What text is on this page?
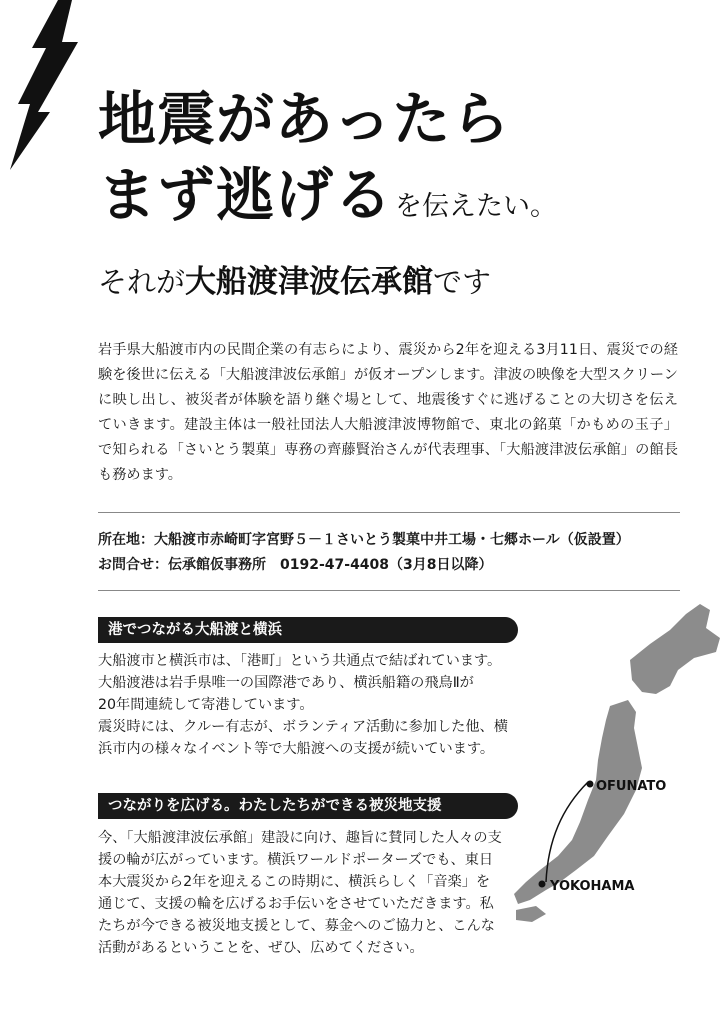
地震があったら
まず逃げるを伝えたい。

それが大船渡津波伝承館です

岩手県大船渡市内の民間企業の有志らにより、震災から2年を迎える3月11日、震災での経験を後世に伝える「大船渡津波伝承館」が仮オープンします。津波の映像を大型スクリーンに映し出し、被災者が体験を語り継ぐ場として、地震後すぐに逃げることの大切さを伝えていきます。建設主体は一般社団法人大船渡津波博物館で、東北の銘菓「かもめの玉子」で知られる「さいとう製菓」専務の齊藤賢治さんが代表理事、「大船渡津波伝承館」の館長も務めます。

所在地：大船渡市赤崎町字宮野５－１さいとう製菓中井工場・七郷ホール（仮設置）
お問合せ：伝承館仮事務所　0192-47-4408（3月8日以降）
港でつながる大船渡と横浜
大船渡市と横浜市は、「港町」という共通点で結ばれています。
大船渡港は岩手県唯一の国際港であり、横浜船籍の飛鳥Ⅱが
20年間連続して寄港しています。
震災時には、クルー有志が、ボランティア活動に参加した他、横
浜市内の様々なイベント等で大船渡への支援が続いています。
つながりを広げる。わたしたちができる被災地支援
今、「大船渡津波伝承館」建設に向け、趣旨に賛同した人々の支
援の輪が広がっています。横浜ワールドポーターズでも、東日
本大震災から2年を迎えるこの時期に、横浜らしく「音楽」を
通じて、支援の輪を広げるお手伝いをさせていただきます。私
たちが今できる被災地支援として、募金へのご協力と、こんな
活動があるということを、ぜひ、広めてください。
OFUNATO
YOKOHAMA
